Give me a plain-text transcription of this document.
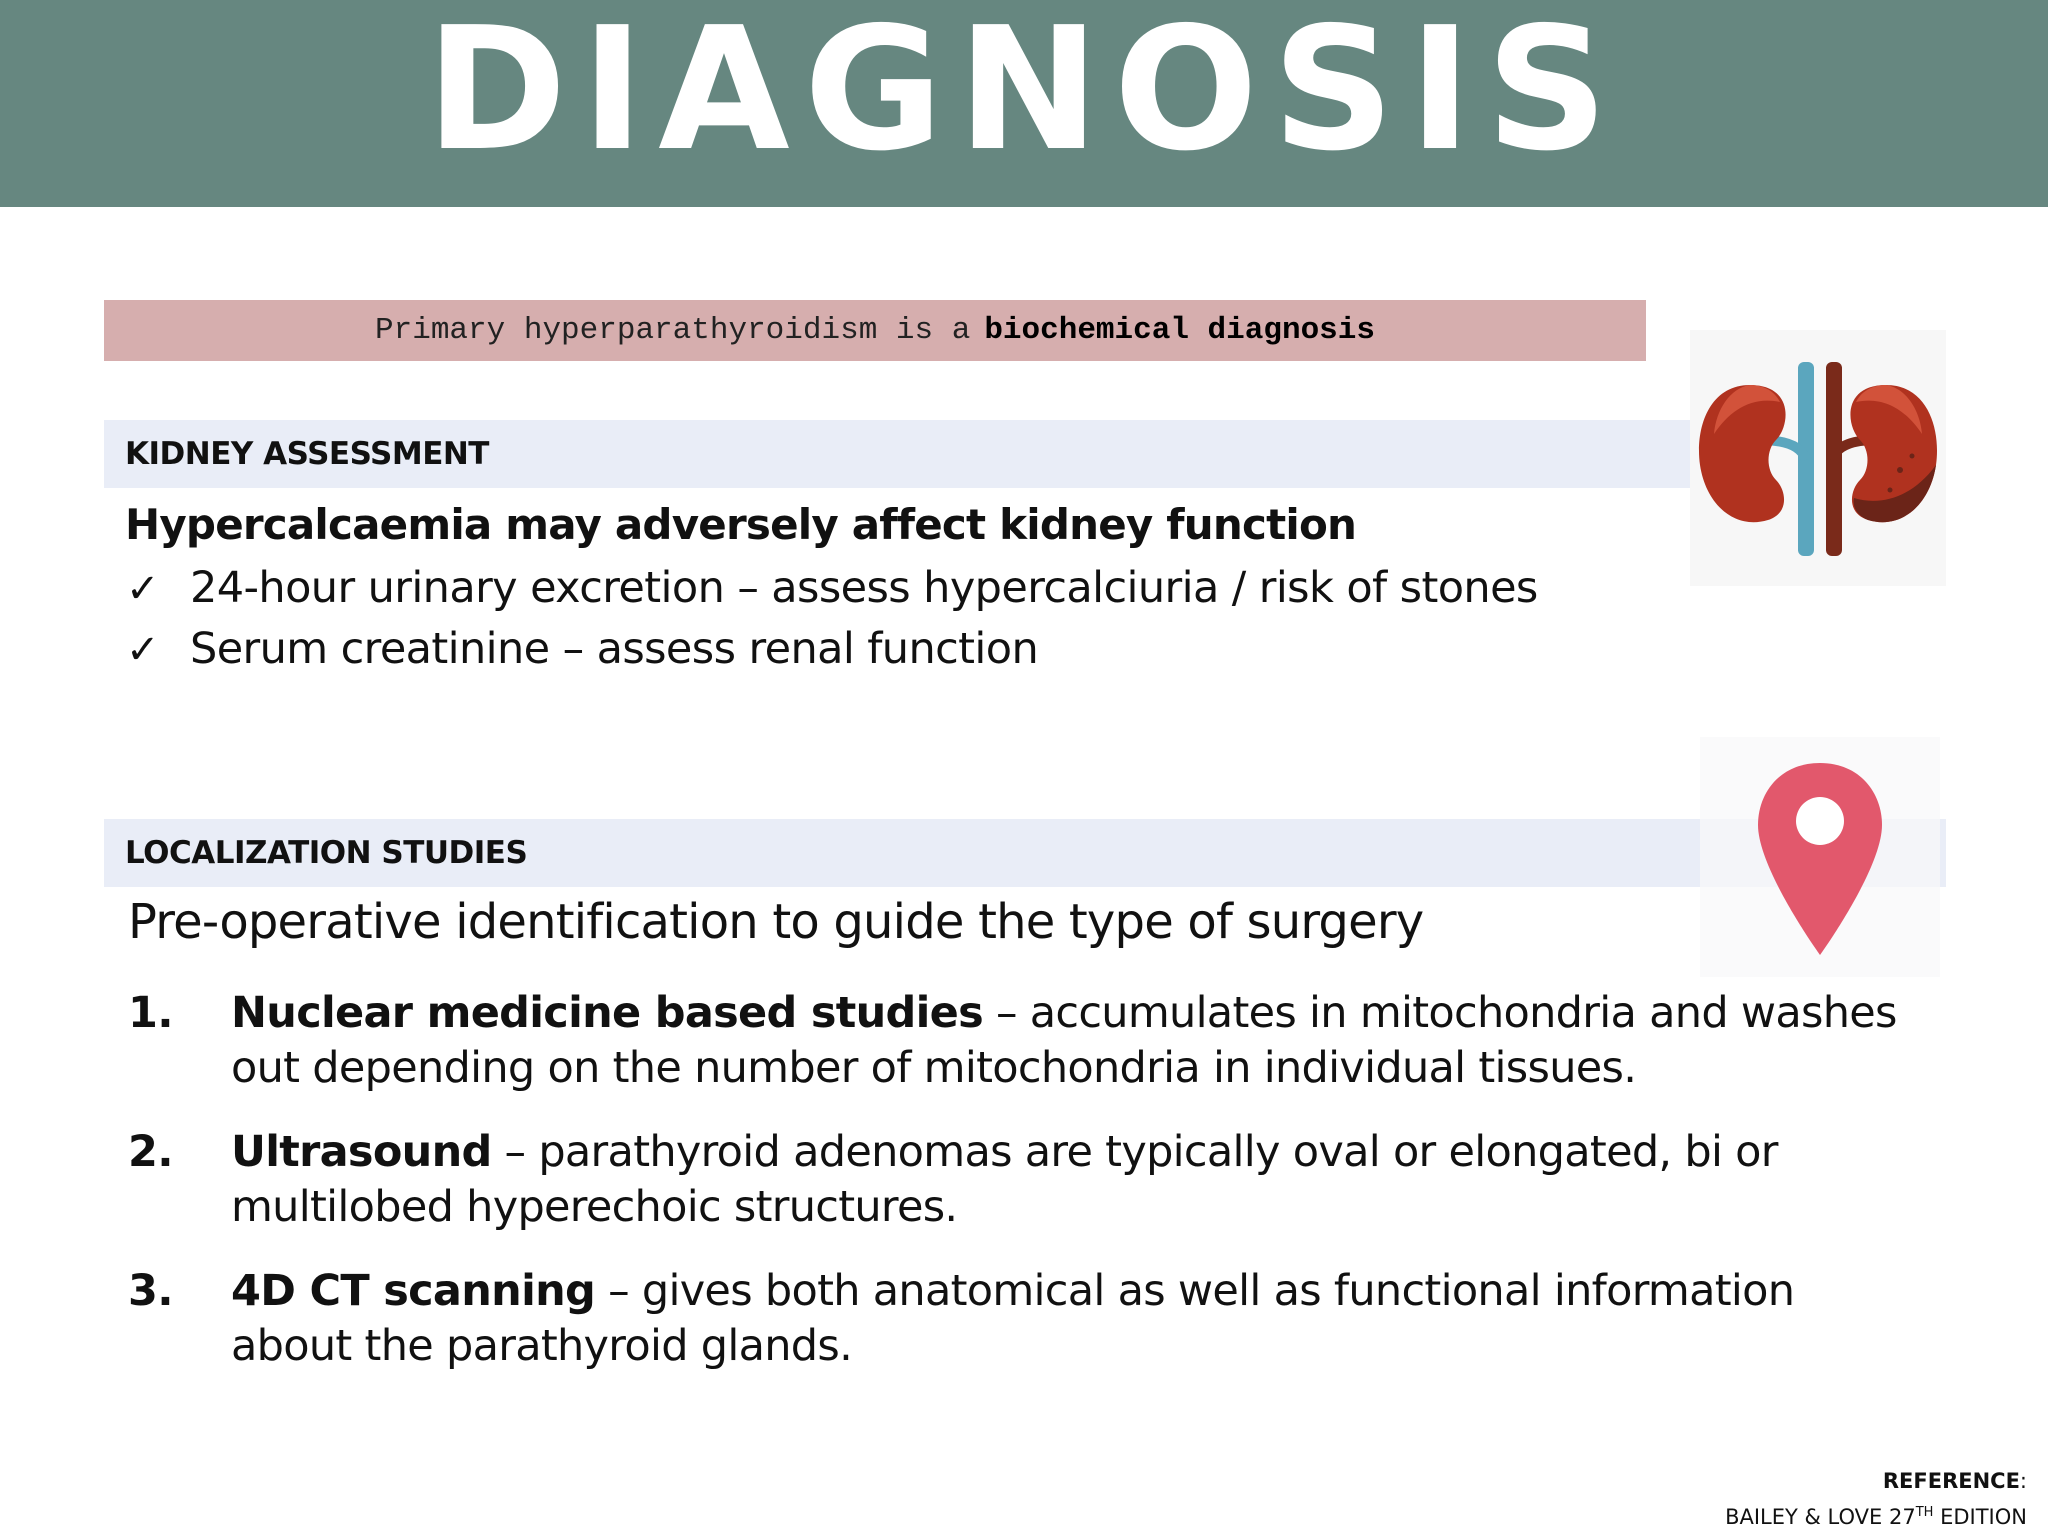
DIAGNOSIS
Primary hyperparathyroidism is a biochemical diagnosis
KIDNEY ASSESSMENT
Hypercalcaemia may adversely affect kidney function
✓ 24-hour urinary excretion – assess hypercalciuria / risk of stones
✓ Serum creatinine – assess renal function
LOCALIZATION STUDIES
Pre-operative identification to guide the type of surgery
1. Nuclear medicine based studies – accumulates in mitochondria and washes out depending on the number of mitochondria in individual tissues.
2. Ultrasound – parathyroid adenomas are typically oval or elongated, bi or multilobed hyperechoic structures.
3. 4D CT scanning – gives both anatomical as well as functional information about the parathyroid glands.
REFERENCE:
BAILEY & LOVE 27TH EDITION
